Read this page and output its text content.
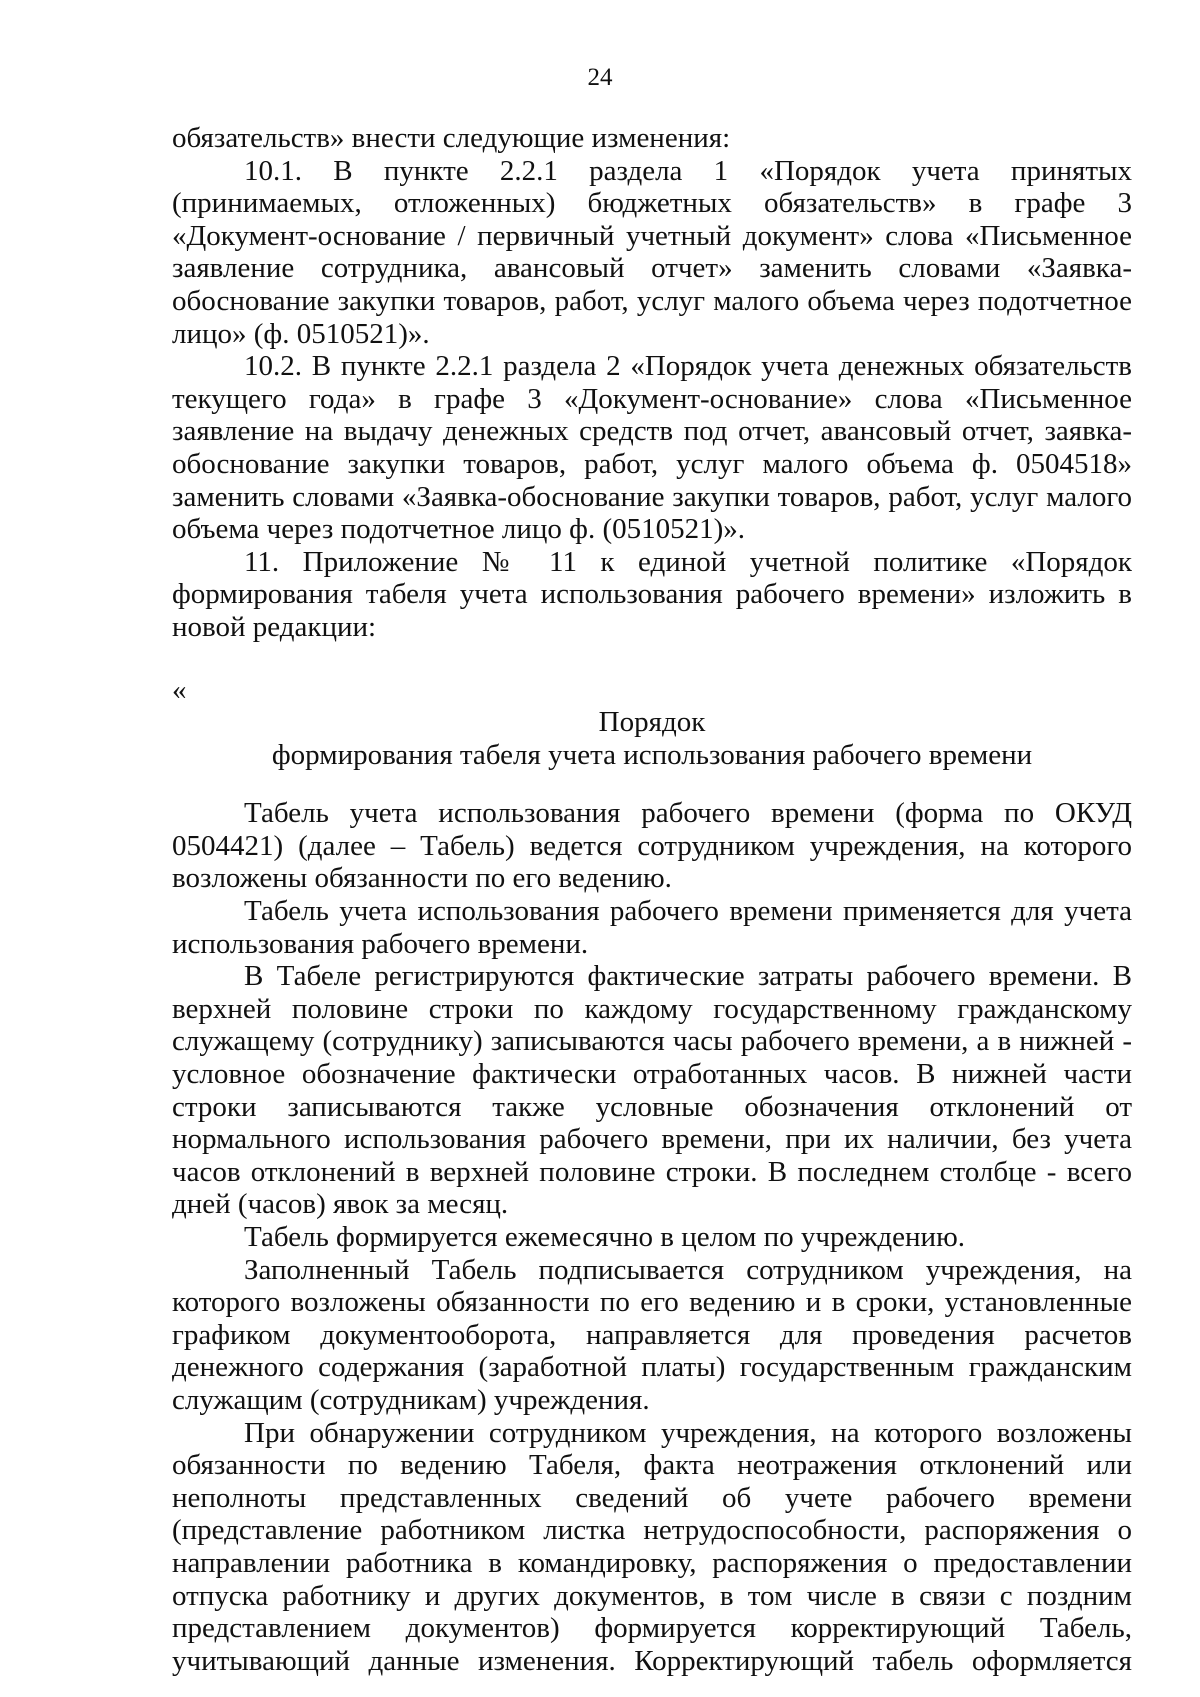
24

обязательств» внести следующие изменения:

10.1. В пункте 2.2.1 раздела 1 «Порядок учета принятых (принимаемых, отложенных) бюджетных обязательств» в графе 3 «Документ-основание / первичный учетный документ» слова «Письменное заявление сотрудника, авансовый отчет» заменить словами «Заявка-обоснование закупки товаров, работ, услуг малого объема через подотчетное лицо» (ф. 0510521)».

10.2. В пункте 2.2.1 раздела 2 «Порядок учета денежных обязательств текущего года» в графе 3 «Документ-основание» слова «Письменное заявление на выдачу денежных средств под отчет, авансовый отчет, заявка-обоснование закупки товаров, работ, услуг малого объема ф. 0504518» заменить словами «Заявка-обоснование закупки товаров, работ, услуг малого объема через подотчетное лицо ф. (0510521)».

11. Приложение № 11 к единой учетной политике «Порядок формирования табеля учета использования рабочего времени» изложить в новой редакции:

«

Порядок

формирования табеля учета использования рабочего времени

Табель учета использования рабочего времени (форма по ОКУД 0504421) (далее – Табель) ведется сотрудником учреждения, на которого возложены обязанности по его ведению.

Табель учета использования рабочего времени применяется для учета использования рабочего времени.

В Табеле регистрируются фактические затраты рабочего времени. В верхней половине строки по каждому государственному гражданскому служащему (сотруднику) записываются часы рабочего времени, а в нижней - условное обозначение фактически отработанных часов. В нижней части строки записываются также условные обозначения отклонений от нормального использования рабочего времени, при их наличии, без учета часов отклонений в верхней половине строки. В последнем столбце - всего дней (часов) явок за месяц.

Табель формируется ежемесячно в целом по учреждению.

Заполненный Табель подписывается сотрудником учреждения, на которого возложены обязанности по его ведению и в сроки, установленные графиком документооборота, направляется для проведения расчетов денежного содержания (заработной платы) государственным гражданским служащим (сотрудникам) учреждения.

При обнаружении сотрудником учреждения, на которого возложены обязанности по ведению Табеля, факта неотражения отклонений или неполноты представленных сведений об учете рабочего времени (представление работником листка нетрудоспособности, распоряжения о направлении работника в командировку, распоряжения о предоставлении отпуска работнику и других документов, в том числе в связи с поздним представлением документов) формируется корректирующий Табель, учитывающий данные изменения. Корректирующий табель оформляется
